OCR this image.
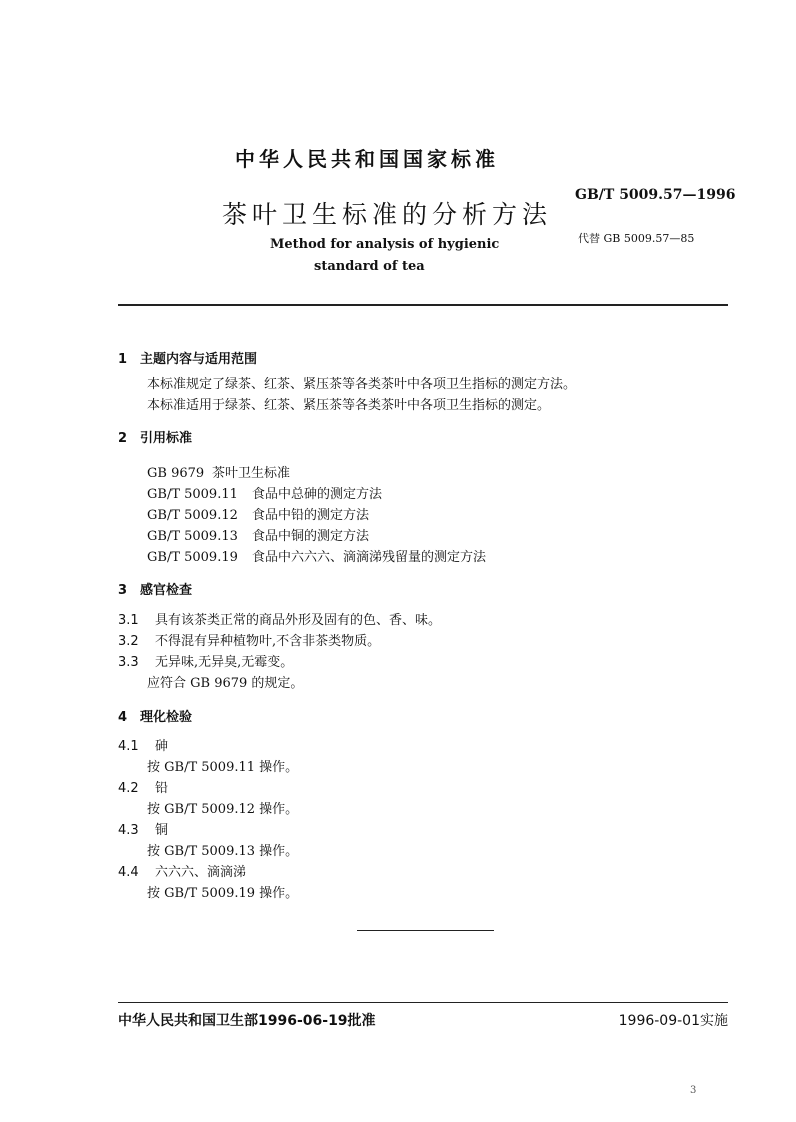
中华人民共和国国家标准
茶叶卫生标准的分析方法
Method for analysis of hygienic
standard of tea
GB/T 5009.57—1996
代替 GB 5009.57—85
1 主题内容与适用范围
本标准规定了绿茶、红茶、紧压茶等各类茶叶中各项卫生指标的测定方法。
本标准适用于绿茶、红茶、紧压茶等各类茶叶中各项卫生指标的测定。
2 引用标准
GB 9679 茶叶卫生标准
GB/T 5009.11 食品中总砷的测定方法
GB/T 5009.12 食品中铅的测定方法
GB/T 5009.13 食品中铜的测定方法
GB/T 5009.19 食品中六六六、滴滴涕残留量的测定方法
3 感官检查
3.1 具有该茶类正常的商品外形及固有的色、香、味。
3.2 不得混有异种植物叶,不含非茶类物质。
3.3 无异味,无异臭,无霉变。
应符合 GB 9679 的规定。
4 理化检验
4.1 砷
按 GB/T 5009.11 操作。
4.2 铅
按 GB/T 5009.12 操作。
4.3 铜
按 GB/T 5009.13 操作。
4.4 六六六、滴滴涕
按 GB/T 5009.19 操作。
中华人民共和国卫生部1996-06-19批准	1996-09-01实施
3
